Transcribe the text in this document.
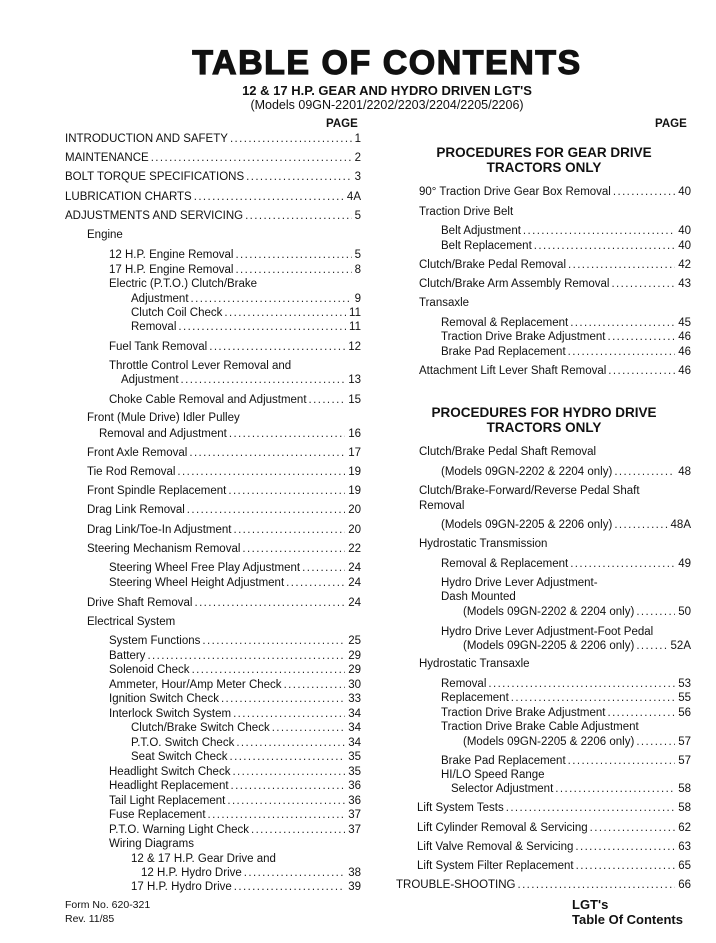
TABLE OF CONTENTS
12 & 17 H.P. GEAR AND HYDRO DRIVEN LGT'S
(Models 09GN-2201/2202/2203/2204/2205/2206)
PAGE	PAGE
INTRODUCTION AND SAFETY .....	1
MAINTENANCE .....	2
BOLT TORQUE SPECIFICATIONS .....	3
LUBRICATION CHARTS .....	4A
ADJUSTMENTS AND SERVICING .....	5
Engine
12 H.P. Engine Removal .....	5
17 H.P. Engine Removal .....	8
Electric (P.T.O.) Clutch/Brake
Adjustment .....	9
Clutch Coil Check .....	11
Removal .....	11
Fuel Tank Removal .....	12
Throttle Control Lever Removal and
Adjustment .....	13
Choke Cable Removal and Adjustment .....	15
Front (Mule Drive) Idler Pulley
Removal and Adjustment .....	16
Front Axle Removal .....	17
Tie Rod Removal .....	19
Front Spindle Replacement .....	19
Drag Link Removal .....	20
Drag Link/Toe-In Adjustment .....	20
Steering Mechanism Removal .....	22
Steering Wheel Free Play Adjustment .....	24
Steering Wheel Height Adjustment .....	24
Drive Shaft Removal .....	24
Electrical System
System Functions .....	25
Battery .....	29
Solenoid Check .....	29
Ammeter, Hour/Amp Meter Check .....	30
Ignition Switch Check .....	33
Interlock Switch System .....	34
Clutch/Brake Switch Check .....	34
P.T.O. Switch Check .....	34
Seat Switch Check .....	35
Headlight Switch Check .....	35
Headlight Replacement .....	36
Tail Light Replacement .....	36
Fuse Replacement .....	37
P.T.O. Warning Light Check .....	37
Wiring Diagrams
12 & 17 H.P. Gear Drive and
12 H.P. Hydro Drive .....	38
17 H.P. Hydro Drive .....	39
PROCEDURES FOR GEAR DRIVE
TRACTORS ONLY
90° Traction Drive Gear Box Removal .....	40
Traction Drive Belt
Belt Adjustment .....	40
Belt Replacement .....	40
Clutch/Brake Pedal Removal .....	42
Clutch/Brake Arm Assembly Removal .....	43
Transaxle
Removal & Replacement .....	45
Traction Drive Brake Adjustment .....	46
Brake Pad Replacement .....	46
Attachment Lift Lever Shaft Removal .....	46
PROCEDURES FOR HYDRO DRIVE
TRACTORS ONLY
Clutch/Brake Pedal Shaft Removal
(Models 09GN-2202 & 2204 only) .....	48
Clutch/Brake-Forward/Reverse Pedal Shaft
Removal
(Models 09GN-2205 & 2206 only) .....	48A
Hydrostatic Transmission
Removal & Replacement .....	49
Hydro Drive Lever Adjustment-
Dash Mounted
(Models 09GN-2202 & 2204 only) .....	50
Hydro Drive Lever Adjustment-Foot Pedal
(Models 09GN-2205 & 2206 only) .....	52A
Hydrostatic Transaxle
Removal .....	53
Replacement .....	55
Traction Drive Brake Adjustment .....	56
Traction Drive Brake Cable Adjustment
(Models 09GN-2205 & 2206 only) .....	57
Brake Pad Replacement .....	57
HI/LO Speed Range
Selector Adjustment .....	58
Lift System Tests .....	58
Lift Cylinder Removal & Servicing .....	62
Lift Valve Removal & Servicing .....	63
Lift System Filter Replacement .....	65
TROUBLE-SHOOTING .....	66
Form No. 620-321
Rev. 11/85
LGT's
Table Of Contents
